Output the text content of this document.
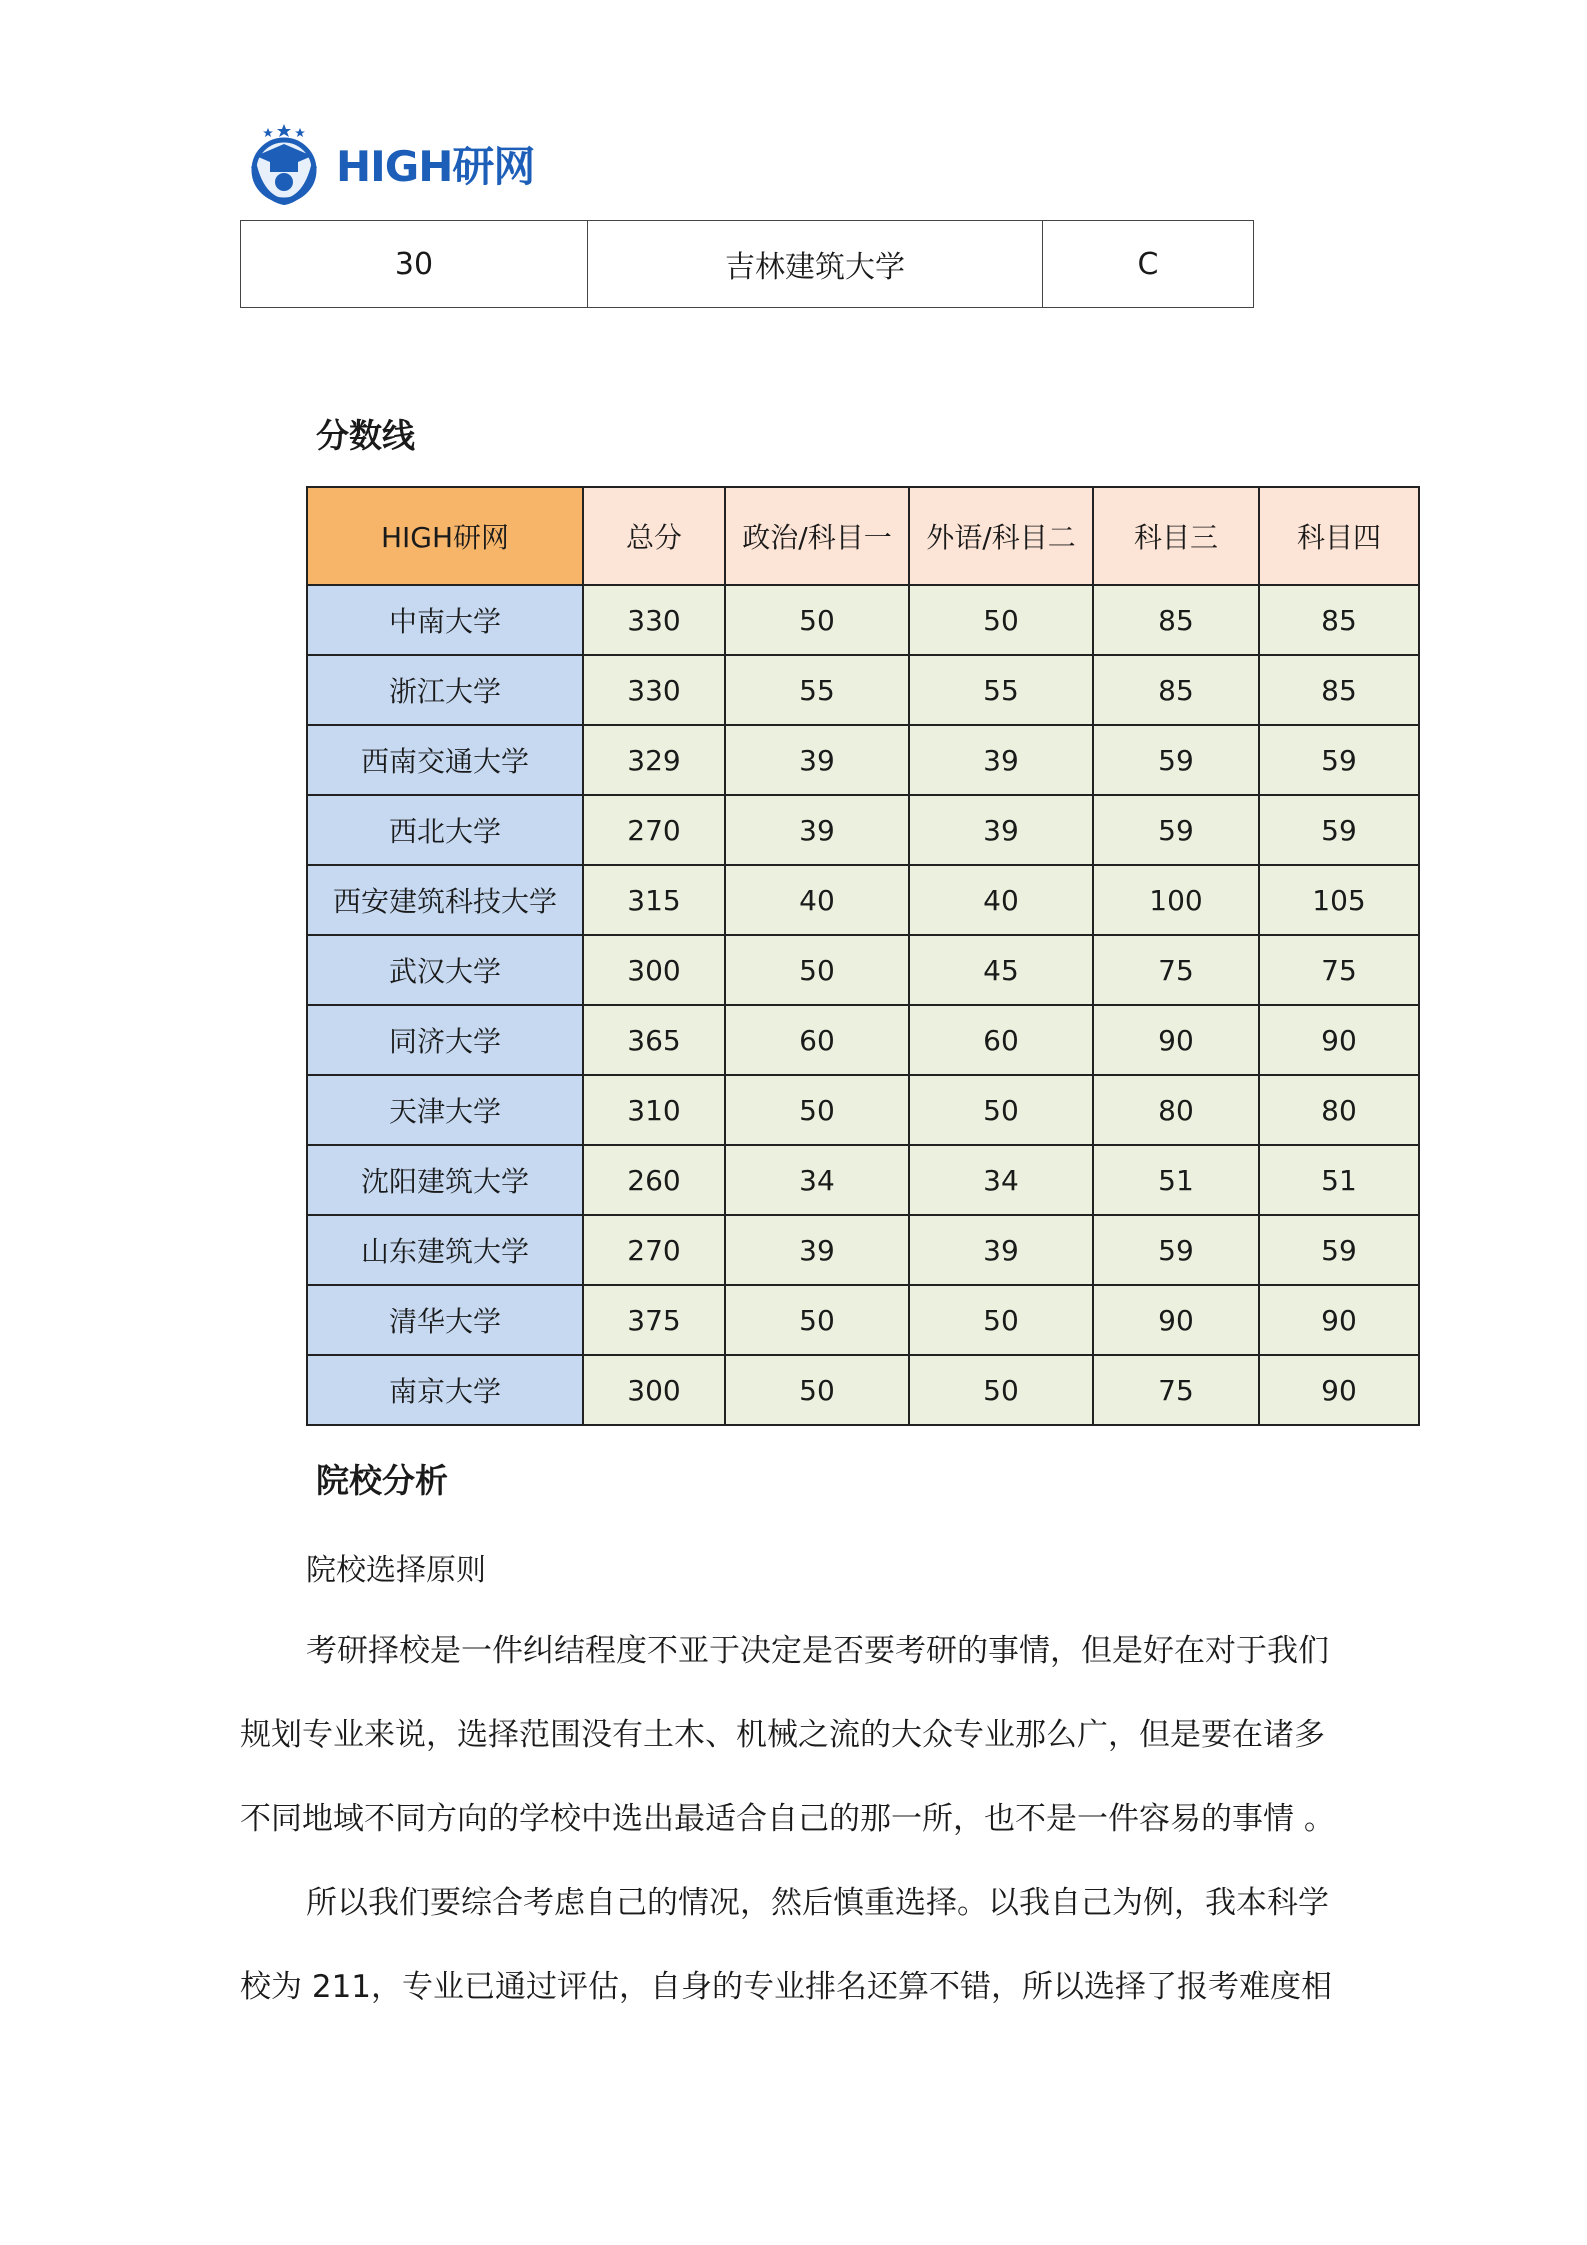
HIGH研网
30	吉林建筑大学	C
分数线
HIGH研网	总分	政治/科目一	外语/科目二	科目三	科目四
中南大学	330	50	50	85	85
浙江大学	330	55	55	85	85
西南交通大学	329	39	39	59	59
西北大学	270	39	39	59	59
西安建筑科技大学	315	40	40	100	105
武汉大学	300	50	45	75	75
同济大学	365	60	60	90	90
天津大学	310	50	50	80	80
沈阳建筑大学	260	34	34	51	51
山东建筑大学	270	39	39	59	59
清华大学	375	50	50	90	90
南京大学	300	50	50	75	90
院校分析
院校选择原则

考研择校是一件纠结程度不亚于决定是否要考研的事情，但是好在对于我们
规划专业来说，选择范围没有土木、机械之流的大众专业那么广，但是要在诸多
不同地域不同方向的学校中选出最适合自己的那一所，也不是一件容易的事情 。

所以我们要综合考虑自己的情况，然后慎重选择。以我自己为例，我本科学
校为 211，专业已通过评估，自身的专业排名还算不错，所以选择了报考难度相
